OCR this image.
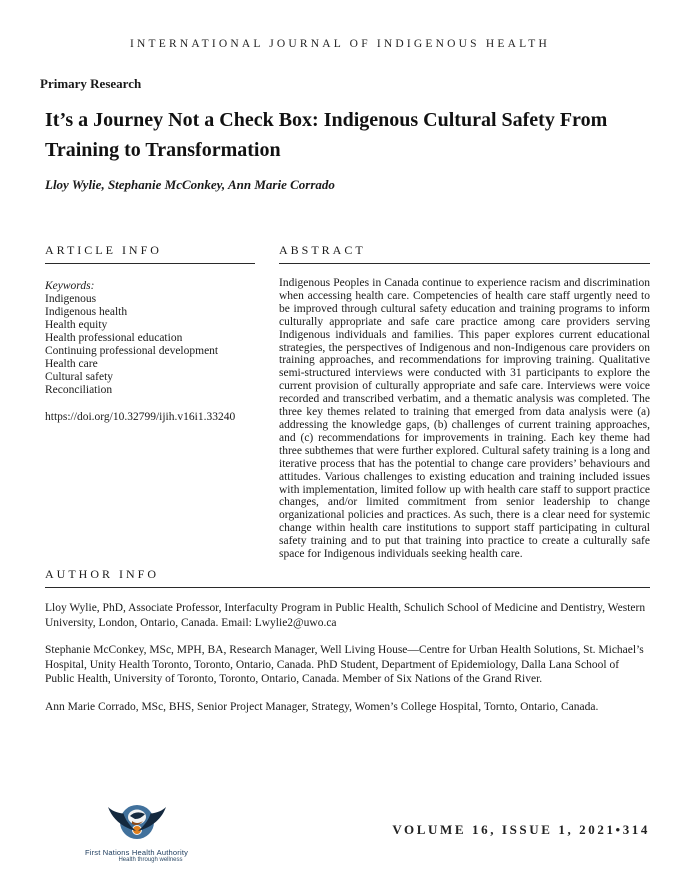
INTERNATIONAL JOURNAL OF INDIGENOUS HEALTH
Primary Research
It’s a Journey Not a Check Box: Indigenous Cultural Safety From Training to Transformation
Lloy Wylie, Stephanie McConkey, Ann Marie Corrado
ARTICLE INFO
Keywords:
Indigenous
Indigenous health
Health equity
Health professional education
Continuing professional development
Health care
Cultural safety
Reconciliation
https://doi.org/10.32799/ijih.v16i1.33240
ABSTRACT

Indigenous Peoples in Canada continue to experience racism and discrimination when accessing health care. Competencies of health care staff urgently need to be improved through cultural safety education and training programs to inform culturally appropriate and safe care practice among care providers serving Indigenous individuals and families. This paper explores current educational strategies, the perspectives of Indigenous and non-Indigenous care providers on training approaches, and recommendations for improving training. Qualitative semi-structured interviews were conducted with 31 participants to explore the current provision of culturally appropriate and safe care. Interviews were voice recorded and transcribed verbatim, and a thematic analysis was completed. The three key themes related to training that emerged from data analysis were (a) addressing the knowledge gaps, (b) challenges of current training approaches, and (c) recommendations for improvements in training. Each key theme had three subthemes that were further explored. Cultural safety training is a long and iterative process that has the potential to change care providers’ behaviours and attitudes. Various challenges to existing education and training included issues with implementation, limited follow up with health care staff to support practice changes, and/or limited commitment from senior leadership to change organizational policies and practices. As such, there is a clear need for systemic change within health care institutions to support staff participating in cultural safety training and to put that training into practice to create a culturally safe space for Indigenous individuals seeking health care.

AUTHOR INFO

Lloy Wylie, PhD, Associate Professor, Interfaculty Program in Public Health, Schulich School of Medicine and Dentistry, Western University, London, Ontario, Canada. Email: Lwylie2@uwo.ca

Stephanie McConkey, MSc, MPH, BA, Research Manager, Well Living House—Centre for Urban Health Solutions, St. Michael’s Hospital, Unity Health Toronto, Toronto, Ontario, Canada. PhD Student, Department of Epidemiology, Dalla Lana School of Public Health, University of Toronto, Toronto, Ontario, Canada. Member of Six Nations of the Grand River.

Ann Marie Corrado, MSc, BHS, Senior Project Manager, Strategy, Women’s College Hospital, Tornto, Ontario, Canada.

First Nations Health Authority
Health through wellness
VOLUME 16, ISSUE 1, 2021•314
